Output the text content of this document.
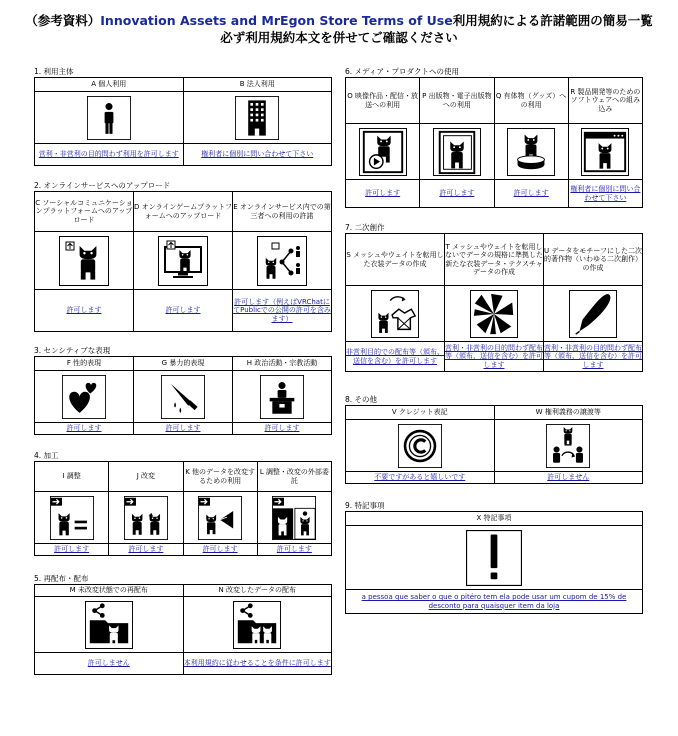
（参考資料）Innovation Assets and MrEgon Store Terms of Use利用規約による許諾範囲の簡易一覧
必ず利用規約本文を併せてご確認ください
1. 利用主体
A 個人利用	B 法人利用

営利・非営利の目的問わず利用を許可します	権利者に個別に問い合わせて下さい
2. オンラインサービスへのアップロード
C ソーシャルコミュニケーションプラットフォームへのアップロード	D オンラインゲームプラットフォームへのアップロード	E オンラインサービス内での第三者への利用の許諾

許可します	許可します	許可します（例えばVRChatにてPublicでの公開の許可を含みます）
3. センシティブな表現
F 性的表現	G 暴力的表現	H 政治活動・宗教活動

許可します	許可します	許可します
4. 加工
I 調整	J 改変	K 他のデータを改変するための利用	L 調整・改変の外部委託

許可します	許可します	許可します	許可します
5. 再配布・配布
M 未改変状態での再配布	N 改変したデータの配布

許可しません	本利用規約に従わせることを条件に許可します
6. メディア・プロダクトへの使用
O 映像作品・配信・放送への利用	P 出版物・電子出版物への利用	Q 有体物（グッズ）への利用	R 製品開発等のためのソフトウェアへの組み込み

許可します	許可します	許可します	権利者に個別に問い合わせて下さい
7. 二次創作
S メッシュやウェイトを転用した衣装データの作成	T メッシュやウェイトを転用しないでデータの規格に準拠した新たな衣装データ・テクスチャデータの作成	U データをモチーフにした二次的著作物（いわゆる二次創作）の作成

非営利目的での配布等（頒布、送信を含む）を許可します	営利・非営利の目的問わず配布等（頒布、送信を含む）を許可します	営利・非営利の目的問わず配布等（頒布、送信を含む）を許可します
8. その他
V クレジット表記	W 権利義務の譲渡等

不要ですがあると嬉しいです	許可しません
9. 特記事項
X 特記事項

a pessoa que saber o que o pitéro tem ela pode usar um cupom de 15% de desconto para quaisquer item da loja
